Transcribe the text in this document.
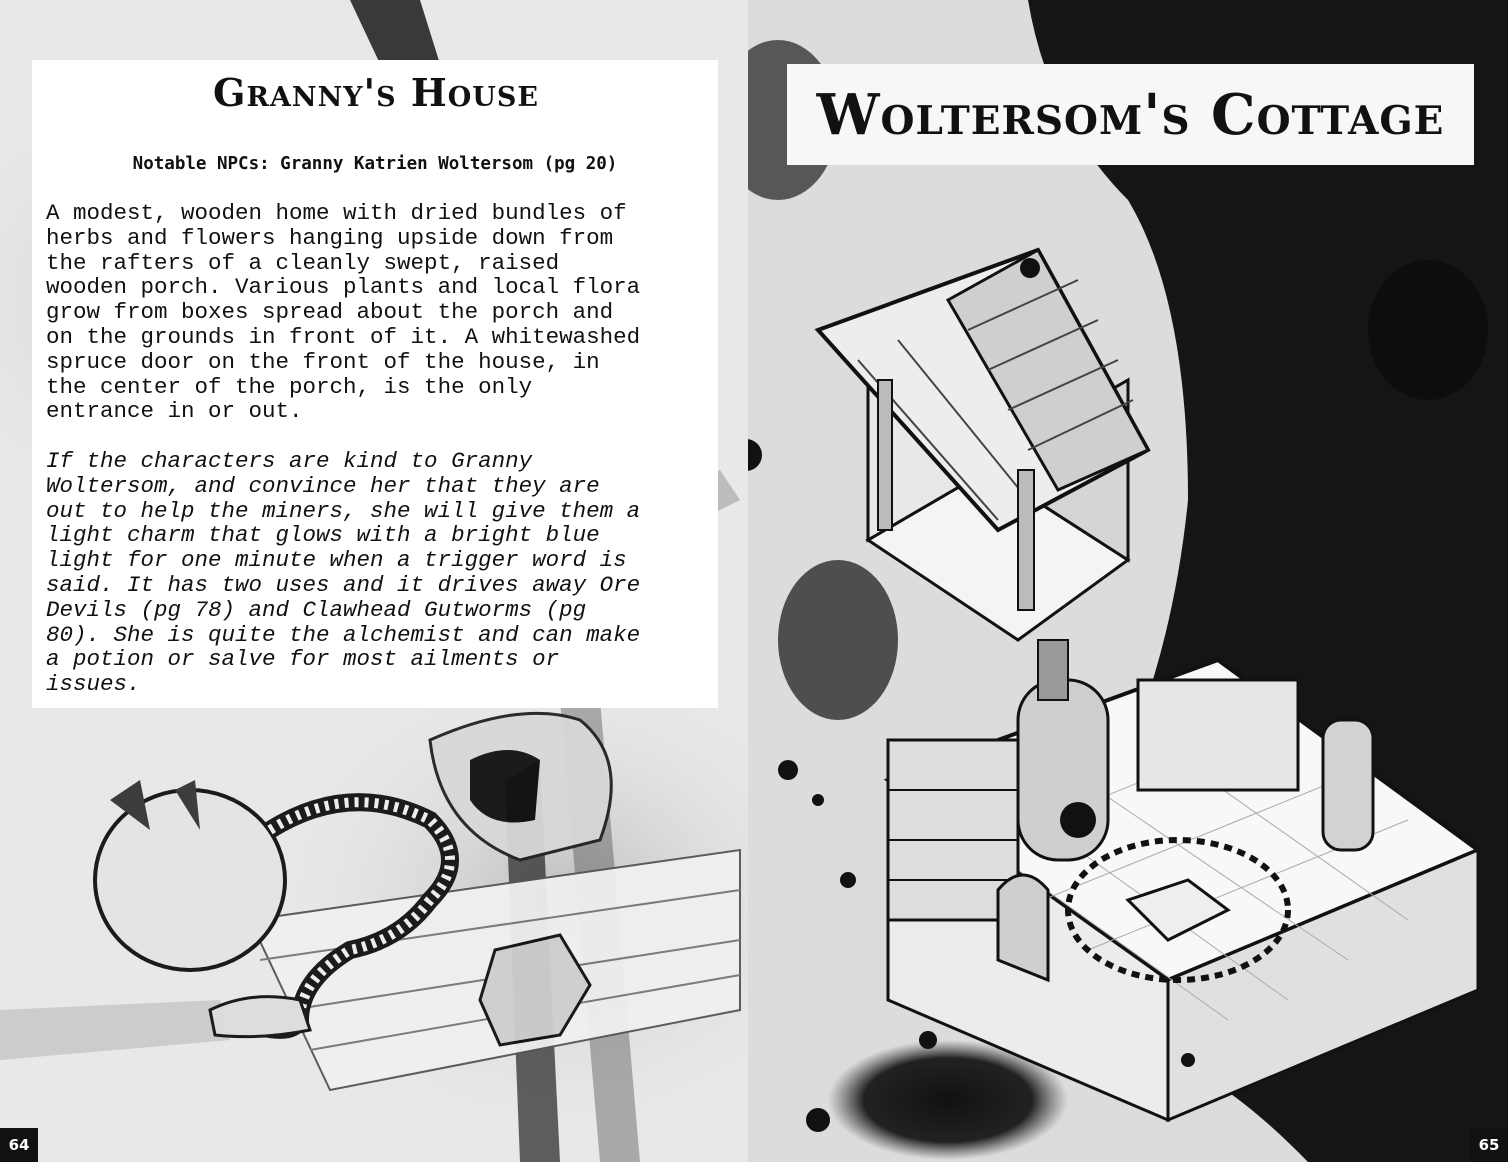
Granny's House

Notable NPCs: Granny Katrien Woltersom (pg 20)

A modest, wooden home with dried bundles of
herbs and flowers hanging upside down from
the rafters of a cleanly swept, raised
wooden porch. Various plants and local flora
grow from boxes spread about the porch and
on the grounds in front of it. A whitewashed
spruce door on the front of the house, in
the center of the porch, is the only
entrance in or out.

If the characters are kind to Granny
Woltersom, and convince her that they are
out to help the miners, she will give them a
light charm that glows with a bright blue
light for one minute when a trigger word is
said. It has two uses and it drives away Ore
Devils (pg 78) and Clawhead Gutworms (pg
80). She is quite the alchemist and can make
a potion or salve for most ailments or
issues.

Woltersom's Cottage
64	65
